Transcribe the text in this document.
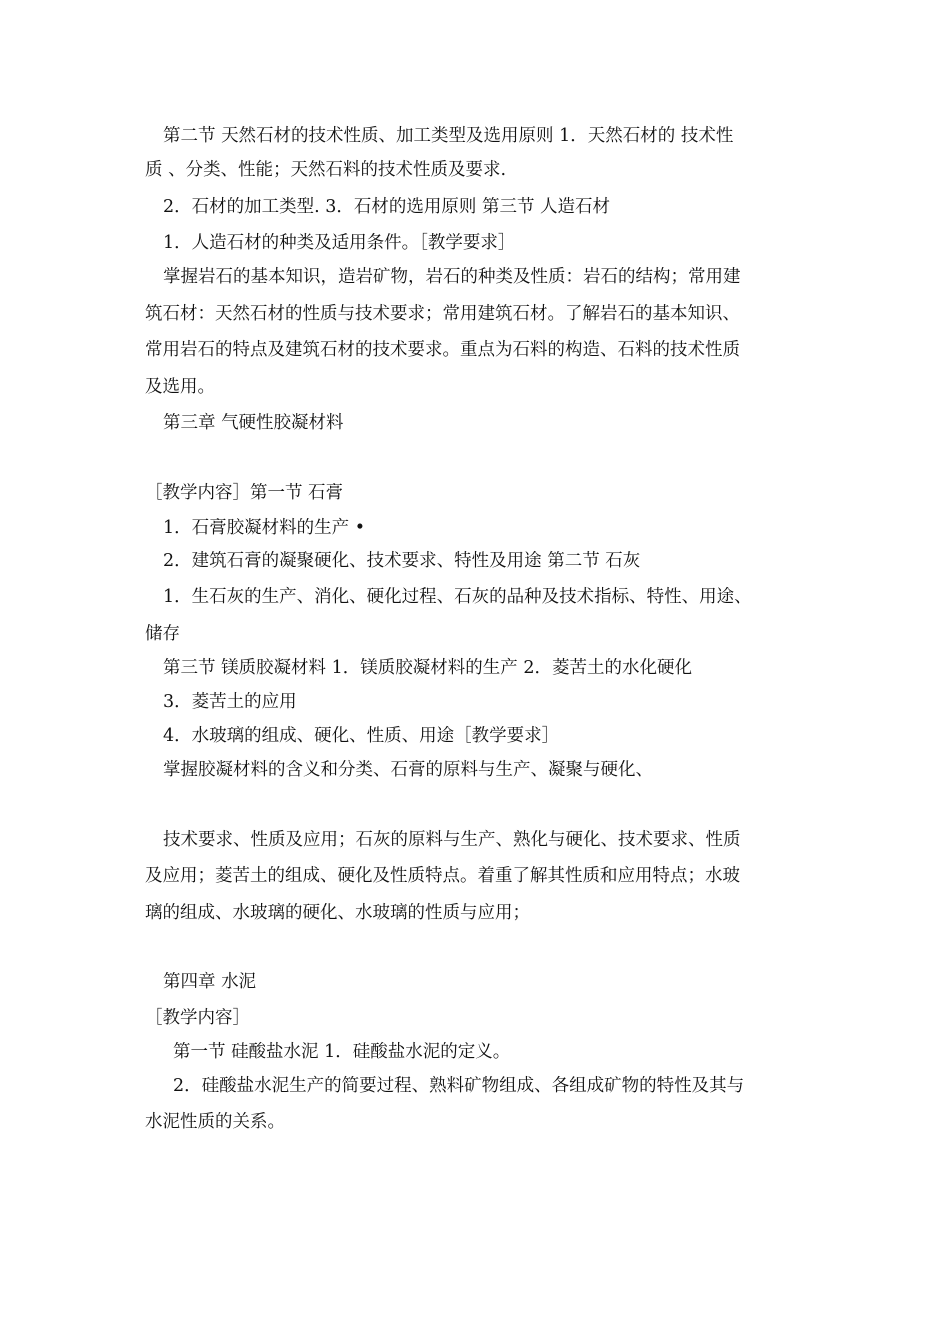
第二节 天然石材的技术性质、加工类型及选用原则 1．天然石材的 技术性

质 、分类、性能；天然石料的技术性质及要求.

2．石材的加工类型. 3．石材的选用原则 第三节 人造石材

1．人造石材的种类及适用条件。［教学要求］

掌握岩石的基本知识，造岩矿物，岩石的种类及性质：岩石的结构；常用建

筑石材：天然石材的性质与技术要求；常用建筑石材。了解岩石的基本知识、

常用岩石的特点及建筑石材的技术要求。重点为石料的构造、石料的技术性质

及选用。

第三章 气硬性胶凝材料

［教学内容］第一节 石膏

1．石膏胶凝材料的生产 •

2．建筑石膏的凝聚硬化、技术要求、特性及用途 第二节 石灰

1．生石灰的生产、消化、硬化过程、石灰的品种及技术指标、特性、用途、

储存

第三节 镁质胶凝材料 1．镁质胶凝材料的生产 2．菱苦土的水化硬化

3．菱苦土的应用

4．水玻璃的组成、硬化、性质、用途［教学要求］

掌握胶凝材料的含义和分类、石膏的原料与生产、凝聚与硬化、

技术要求、性质及应用；石灰的原料与生产、熟化与硬化、技术要求、性质

及应用；菱苦土的组成、硬化及性质特点。着重了解其性质和应用特点；水玻

璃的组成、水玻璃的硬化、水玻璃的性质与应用；

第四章 水泥

［教学内容］

第一节 硅酸盐水泥 1．硅酸盐水泥的定义。

2．硅酸盐水泥生产的简要过程、熟料矿物组成、各组成矿物的特性及其与

水泥性质的关系。
